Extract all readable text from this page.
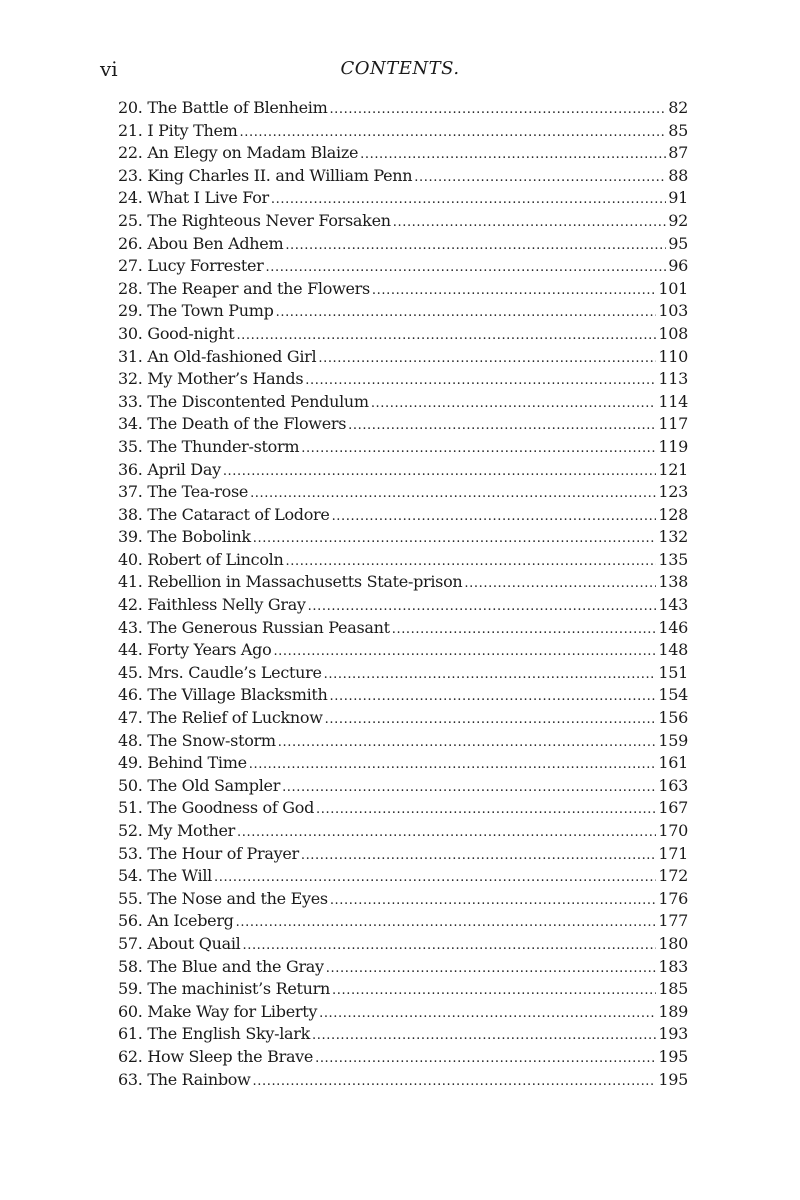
vi	CONTENTS.
20. The Battle of Blenheim .....	82
21. I Pity Them .....	85
22. An Elegy on Madam Blaize .....	87
23. King Charles II. and William Penn .....	88
24. What I Live For .....	91
25. The Righteous Never Forsaken .....	92
26. Abou Ben Adhem .....	95
27. Lucy Forrester .....	96
28. The Reaper and the Flowers .....	101
29. The Town Pump .....	103
30. Good-night .....	108
31. An Old-fashioned Girl .....	110
32. My Mother’s Hands .....	113
33. The Discontented Pendulum .....	114
34. The Death of the Flowers .....	117
35. The Thunder-storm .....	119
36. April Day .....	121
37. The Tea-rose .....	123
38. The Cataract of Lodore .....	128
39. The Bobolink .....	132
40. Robert of Lincoln .....	135
41. Rebellion in Massachusetts State-prison .....	138
42. Faithless Nelly Gray .....	143
43. The Generous Russian Peasant .....	146
44. Forty Years Ago .....	148
45. Mrs. Caudle’s Lecture .....	151
46. The Village Blacksmith .....	154
47. The Relief of Lucknow .....	156
48. The Snow-storm .....	159
49. Behind Time .....	161
50. The Old Sampler .....	163
51. The Goodness of God .....	167
52. My Mother .....	170
53. The Hour of Prayer .....	171
54. The Will .....	172
55. The Nose and the Eyes .....	176
56. An Iceberg .....	177
57. About Quail .....	180
58. The Blue and the Gray .....	183
59. The machinist’s Return .....	185
60. Make Way for Liberty .....	189
61. The English Sky-lark .....	193
62. How Sleep the Brave .....	195
63. The Rainbow .....	195
